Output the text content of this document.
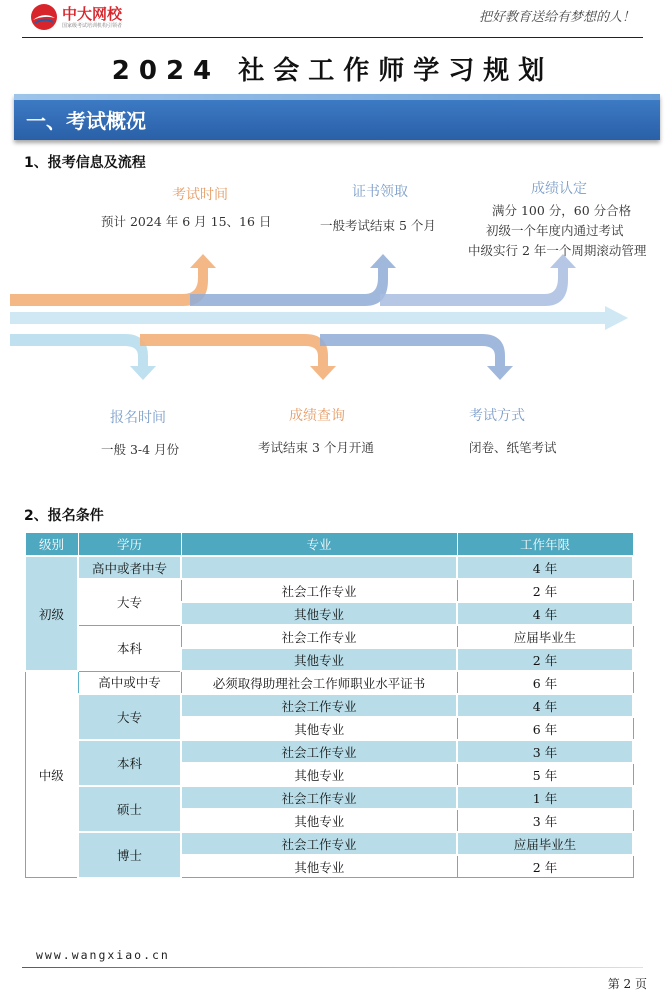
中大网校
国家级考试培训机构引领者
把好教育送给有梦想的人！
2024 社会工作师学习规划
一、考试概况
1、报考信息及流程
考试时间
预计 2024 年 6 月 15、16 日
证书领取
一般考试结束 5 个月
成绩认定
满分 100 分，60 分合格
初级一个年度内通过考试
中级实行 2 年一个周期滚动管理
报名时间
一般 3-4 月份
成绩查询
考试结束 3 个月开通
考试方式
闭卷、纸笔考试
2、报名条件
级别	学历	专业	工作年限
初级	高中或者中专		4 年
	大专	社会工作专业	2 年
		其他专业	4 年
	本科	社会工作专业	应届毕业生
		其他专业	2 年
中级	高中或中专	必须取得助理社会工作师职业水平证书	6 年
	大专	社会工作专业	4 年
		其他专业	6 年
	本科	社会工作专业	3 年
		其他专业	5 年
	硕士	社会工作专业	1 年
		其他专业	3 年
	博士	社会工作专业	应届毕业生
		其他专业	2 年
www.wangxiao.cn
第 2 页
